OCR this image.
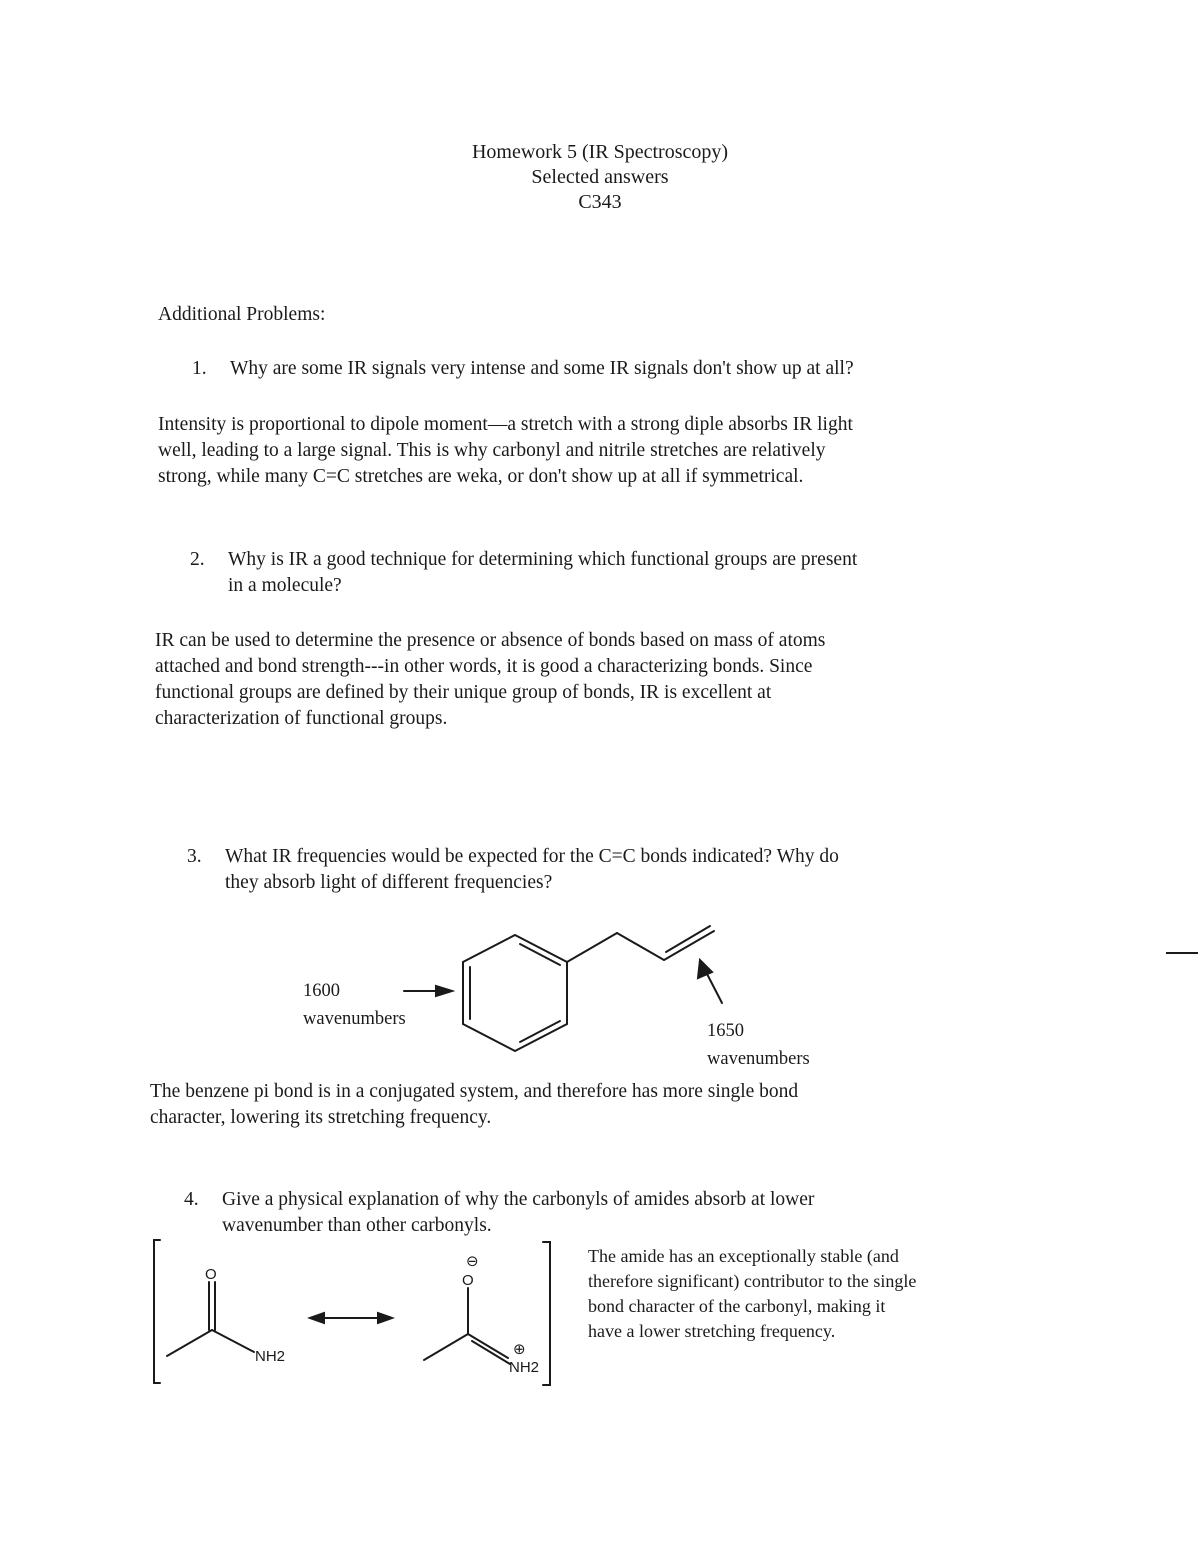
Homework 5 (IR Spectroscopy)
Selected answers
C343
Additional Problems:
1. Why are some IR signals very intense and some IR signals don't show up at all?
Intensity is proportional to dipole moment—a stretch with a strong diple absorbs IR light
well, leading to a large signal. This is why carbonyl and nitrile stretches are relatively
strong, while many C=C stretches are weka, or don't show up at all if symmetrical.
2. Why is IR a good technique for determining which functional groups are present
in a molecule?
IR can be used to determine the presence or absence of bonds based on mass of atoms
attached and bond strength---in other words, it is good a characterizing bonds. Since
functional groups are defined by their unique group of bonds, IR is excellent at
characterization of functional groups.
3. What IR frequencies would be expected for the C=C bonds indicated? Why do
they absorb light of different frequencies?
1600
wavenumbers
1650
wavenumbers
The benzene pi bond is in a conjugated system, and therefore has more single bond
character, lowering its stretching frequency.
4. Give a physical explanation of why the carbonyls of amides absorb at lower
wavenumber than other carbonyls.
The amide has an exceptionally stable (and
therefore significant) contributor to the single
bond character of the carbonyl, making it
have a lower stretching frequency.
O
NH2
⊖
O
⊕
NH2
